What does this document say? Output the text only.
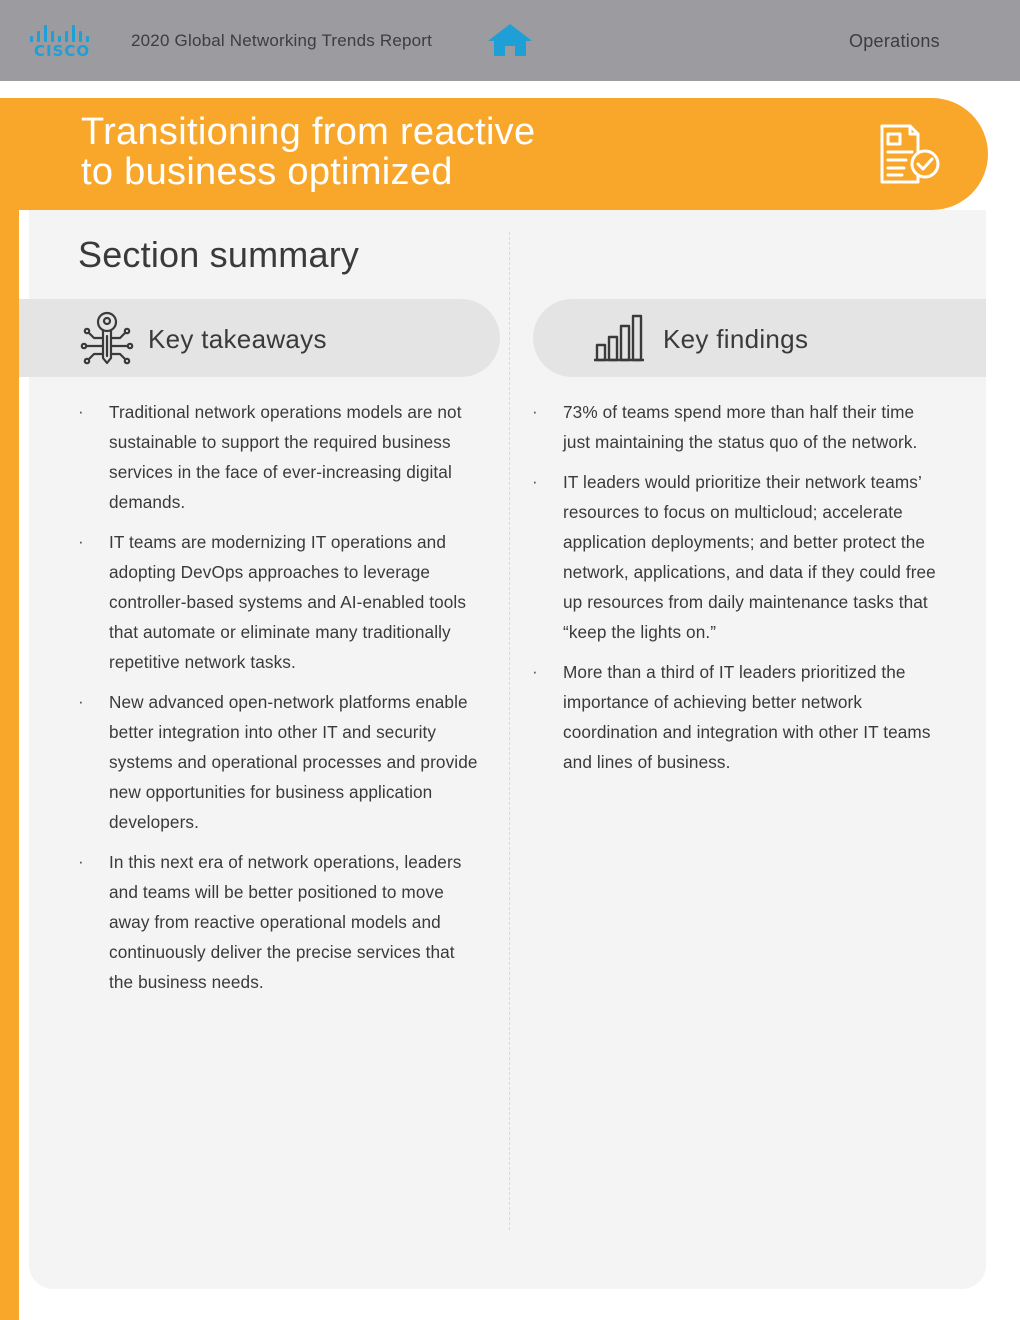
CISCO
2020 Global Networking Trends Report	Operations
Transitioning from reactive
to business optimized
Section summary
Key takeaways	Key findings
· Traditional network operations models are not sustainable to support the required business services in the face of ever-increasing digital demands.
· IT teams are modernizing IT operations and adopting DevOps approaches to leverage controller-based systems and AI-enabled tools that automate or eliminate many traditionally repetitive network tasks.
· New advanced open-network platforms enable better integration into other IT and security systems and operational processes and provide new opportunities for business application developers.
· In this next era of network operations, leaders and teams will be better positioned to move away from reactive operational models and continuously deliver the precise services that the business needs.
· 73% of teams spend more than half their time just maintaining the status quo of the network.
· IT leaders would prioritize their network teams’ resources to focus on multicloud; accelerate application deployments; and better protect the network, applications, and data if they could free up resources from daily maintenance tasks that “keep the lights on.”
· More than a third of IT leaders prioritized the importance of achieving better network coordination and integration with other IT teams and lines of business.
